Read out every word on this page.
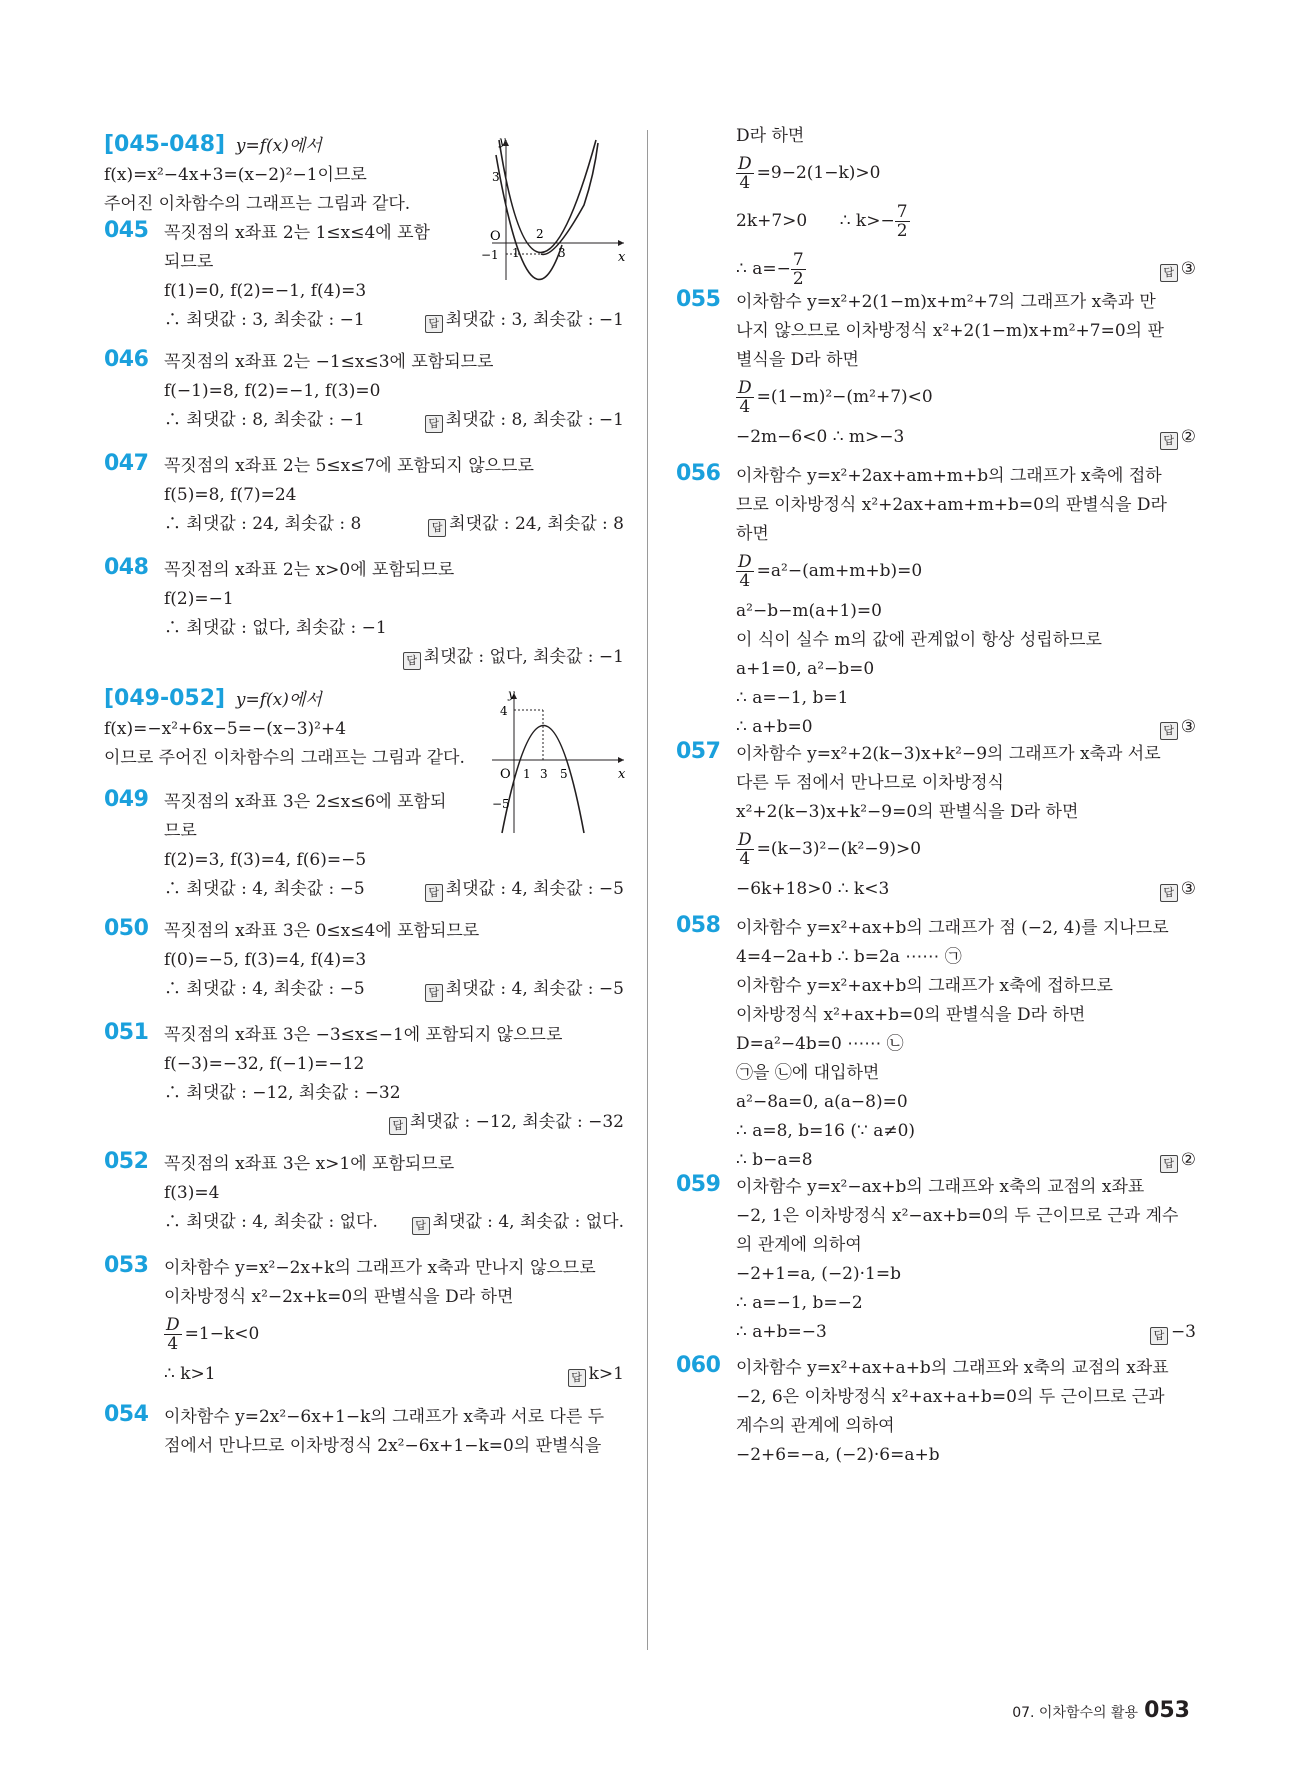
[045-048] y=f(x)에서
f(x)=x²−4x+3=(x−2)²−1이므로
주어진 이차함수의 그래프는 그림과 같다.
y
x
O
3
−1 1
2
3
045 꼭짓점의 x좌표 2는 1≤x≤4에 포함
되므로
f(1)=0, f(2)=−1, f(4)=3
∴ 최댓값 : 3, 최솟값 : −1	답 최댓값 : 3, 최솟값 : −1
046 꼭짓점의 x좌표 2는 −1≤x≤3에 포함되므로
f(−1)=8, f(2)=−1, f(3)=0
∴ 최댓값 : 8, 최솟값 : −1	답 최댓값 : 8, 최솟값 : −1
047 꼭짓점의 x좌표 2는 5≤x≤7에 포함되지 않으므로
f(5)=8, f(7)=24
∴ 최댓값 : 24, 최솟값 : 8	답 최댓값 : 24, 최솟값 : 8
048 꼭짓점의 x좌표 2는 x>0에 포함되므로
f(2)=−1
∴ 최댓값 : 없다, 최솟값 : −1
답 최댓값 : 없다, 최솟값 : −1
[049-052] y=f(x)에서
f(x)=−x²+6x−5=−(x−3)²+4
이므로 주어진 이차함수의 그래프는 그림과 같다.
y
x
O
4
−5
1 3 5
049 꼭짓점의 x좌표 3은 2≤x≤6에 포함되
므로
f(2)=3, f(3)=4, f(6)=−5
∴ 최댓값 : 4, 최솟값 : −5	답 최댓값 : 4, 최솟값 : −5
050 꼭짓점의 x좌표 3은 0≤x≤4에 포함되므로
f(0)=−5, f(3)=4, f(4)=3
∴ 최댓값 : 4, 최솟값 : −5	답 최댓값 : 4, 최솟값 : −5
051 꼭짓점의 x좌표 3은 −3≤x≤−1에 포함되지 않으므로
f(−3)=−32, f(−1)=−12
∴ 최댓값 : −12, 최솟값 : −32
답 최댓값 : −12, 최솟값 : −32
052 꼭짓점의 x좌표 3은 x>1에 포함되므로
f(3)=4
∴ 최댓값 : 4, 최솟값 : 없다.	답 최댓값 : 4, 최솟값 : 없다.
053 이차함수 y=x²−2x+k의 그래프가 x축과 만나지 않으므로
이차방정식 x²−2x+k=0의 판별식을 D라 하면
$\frac{D}{4} =1-k<0$
∴ k>1	답 k>1
054 이차함수 y=2x²−6x+1−k의 그래프가 x축과 서로 다른 두
점에서 만나므로 이차방정식 2x²−6x+1−k=0의 판별식을
D라 하면
$\frac{D}{4} =9-2(1-k)>0$
2k+7>0 ∴ $k>- \frac{7}{2}$
∴ $a=- \frac{7}{2}$	답 ③
055 이차함수 y=x²+2(1−m)x+m²+7의 그래프가 x축과 만
나지 않으므로 이차방정식 x²+2(1−m)x+m²+7=0의 판
별식을 D라 하면
$\frac{D}{4} =(1-m)^2-(m^2+7)<0$
−2m−6<0 ∴ m>−3	답 ②
056 이차함수 y=x²+2ax+am+m+b의 그래프가 x축에 접하
므로 이차방정식 x²+2ax+am+m+b=0의 판별식을 D라
하면
$\frac{D}{4} =a^2-(am+m+b)=0$
a²−b−m(a+1)=0
이 식이 실수 m의 값에 관계없이 항상 성립하므로
a+1=0, a²−b=0
∴ a=−1, b=1
∴ a+b=0	답 ③
057 이차함수 y=x²+2(k−3)x+k²−9의 그래프가 x축과 서로
다른 두 점에서 만나므로 이차방정식
x²+2(k−3)x+k²−9=0의 판별식을 D라 하면
$\frac{D}{4} =(k-3)^2-(k^2-9)>0$
−6k+18>0 ∴ k<3	답 ③
058 이차함수 y=x²+ax+b의 그래프가 점 (−2, 4)를 지나므로
4=4−2a+b ∴ b=2a ⋯⋯ ㉠
이차함수 y=x²+ax+b의 그래프가 x축에 접하므로
이차방정식 x²+ax+b=0의 판별식을 D라 하면
D=a²−4b=0 ⋯⋯ ㉡
㉠을 ㉡에 대입하면
a²−8a=0, a(a−8)=0
∴ a=8, b=16 (∵ a≠0)
∴ b−a=8	답 ②
059 이차함수 y=x²−ax+b의 그래프와 x축의 교점의 x좌표
−2, 1은 이차방정식 x²−ax+b=0의 두 근이므로 근과 계수
의 관계에 의하여
−2+1=a, (−2)·1=b
∴ a=−1, b=−2
∴ a+b=−3	답 −3
060 이차함수 y=x²+ax+a+b의 그래프와 x축의 교점의 x좌표
−2, 6은 이차방정식 x²+ax+a+b=0의 두 근이므로 근과
계수의 관계에 의하여
−2+6=−a, (−2)·6=a+b
07. 이차함수의 활용 053
